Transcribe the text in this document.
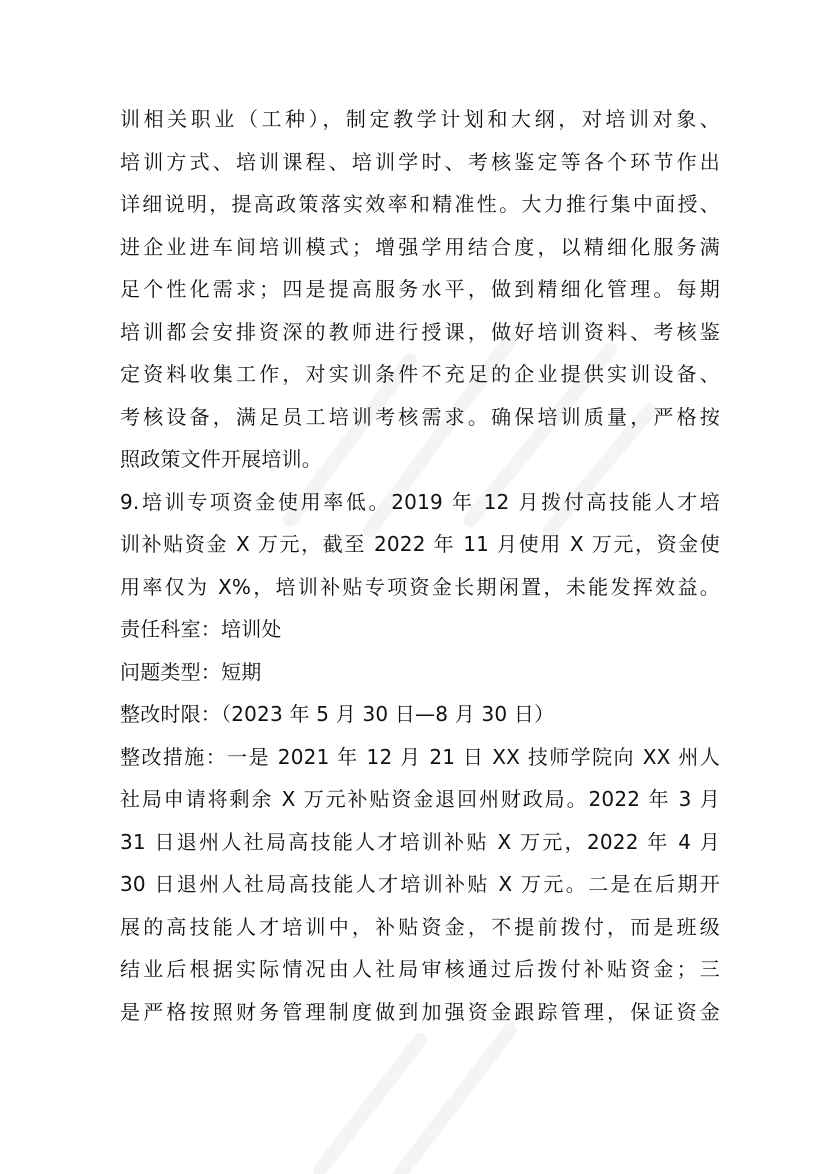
训相关职业（工种），制定教学计划和大纲，对培训对象、
培训方式、培训课程、培训学时、考核鉴定等各个环节作出
详细说明，提高政策落实效率和精准性。大力推行集中面授、
进企业进车间培训模式；增强学用结合度，以精细化服务满
足个性化需求；四是提高服务水平，做到精细化管理。每期
培训都会安排资深的教师进行授课，做好培训资料、考核鉴
定资料收集工作，对实训条件不充足的企业提供实训设备、
考核设备，满足员工培训考核需求。确保培训质量，严格按
照政策文件开展培训。
9.培训专项资金使用率低。2019 年 12 月拨付高技能人才培
训补贴资金 X 万元，截至 2022 年 11 月使用 X 万元，资金使
用率仅为 X%，培训补贴专项资金长期闲置，未能发挥效益。
责任科室：培训处
问题类型：短期
整改时限：（2023 年 5 月 30 日—8 月 30 日）
整改措施：一是 2021 年 12 月 21 日 XX 技师学院向 XX 州人
社局申请将剩余 X 万元补贴资金退回州财政局。2022 年 3 月
31 日退州人社局高技能人才培训补贴 X 万元，2022 年 4 月
30 日退州人社局高技能人才培训补贴 X 万元。二是在后期开
展的高技能人才培训中，补贴资金，不提前拨付，而是班级
结业后根据实际情况由人社局审核通过后拨付补贴资金；三
是严格按照财务管理制度做到加强资金跟踪管理，保证资金
